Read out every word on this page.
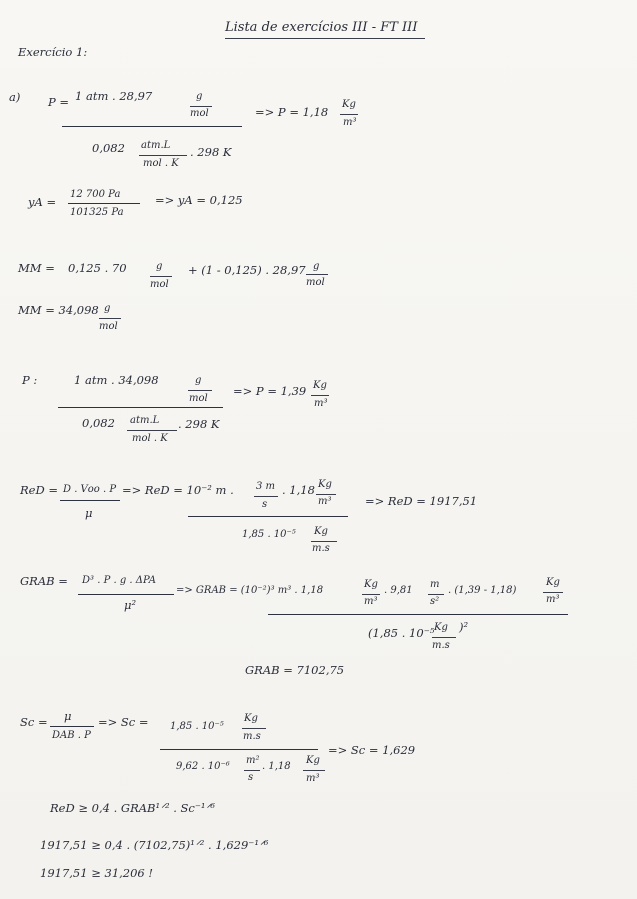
Lista de exercícios III - FT III
Exercício 1:
a) P = 1 atm . 28,97	g
mol
0,082 atm.L
mol . K
. 298 K
=> P = 1,18
Kg
m³
yA =
12 700 Pa
101325 Pa
=> yA = 0,125
MM = 0,125 . 70	g
mol
+ (1 - 0,125) . 28,97 g
mol
MM = 34,098 g
mol
P :	1 atm . 34,098	g
mol
0,082 atm.L
mol . K
. 298 K
=> P = 1,39 Kg
m³
ReD = D . Vоо . P
μ
=> ReD = 10⁻² m . 3 m
s
. 1,18 Kg
m³
1,85 . 10⁻⁵ Kg
m.s
=> ReD = 1917,51
GRAB = D³ . P . g . ΔPA
μ²
=> GRAB = (10⁻²)³ m³ . 1,18
Kg
m³
. 9,81
m
s²
. (1,39 - 1,18)
Kg
m³
(1,85 . 10⁻⁵ Kg
m.s
)²
GRAB = 7102,75
Sc = μ
DAB . P
=> Sc = 1,85 . 10⁻⁵
Kg
m.s
9,62 . 10⁻⁶
m²
s
. 1,18
Kg
m³
=> Sc = 1,629
ReD ≥ 0,4 . GRAB¹ᐟ² . Sc⁻¹ᐟ⁶
1917,51 ≥ 0,4 . (7102,75)¹ᐟ² . 1,629⁻¹ᐟ⁶
1917,51 ≥ 31,206 !
